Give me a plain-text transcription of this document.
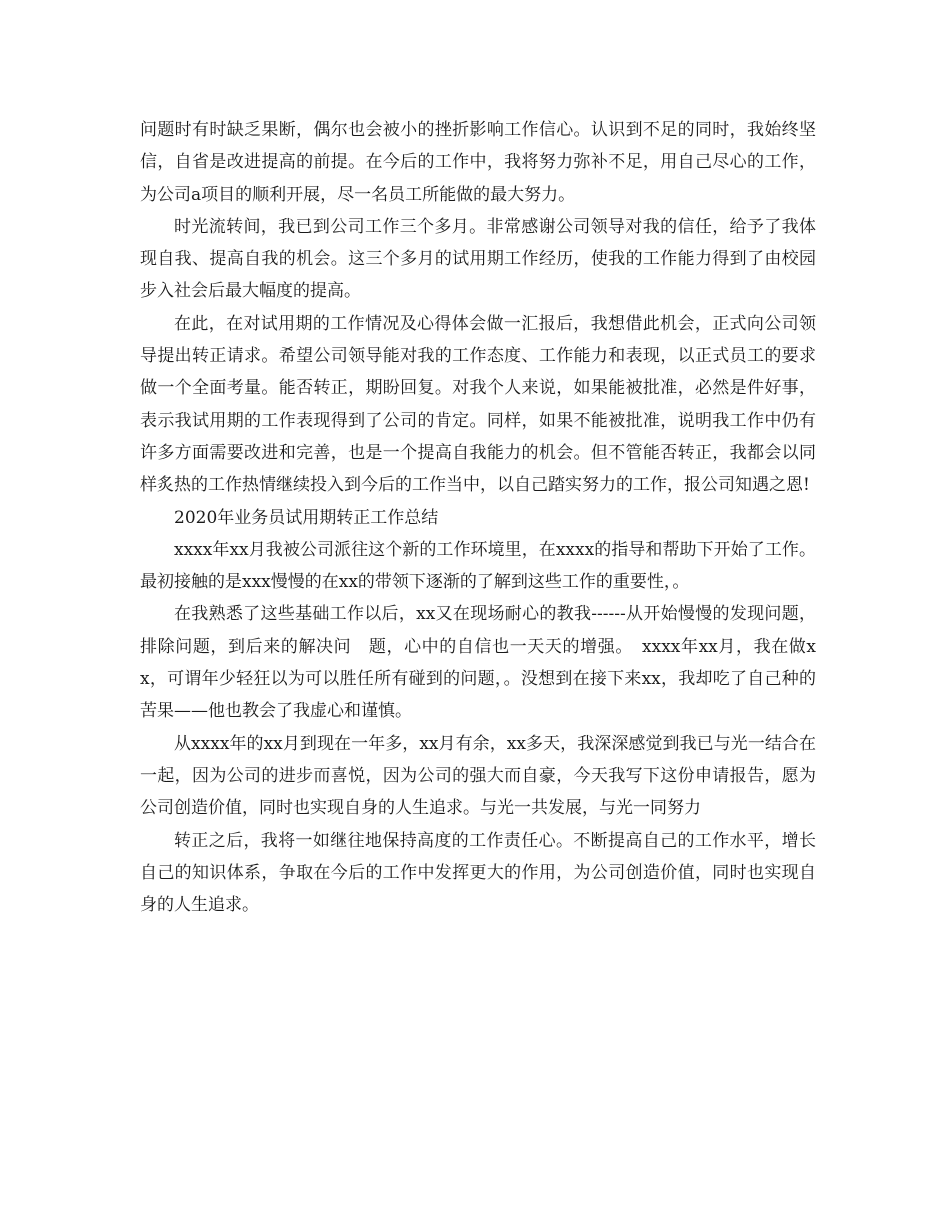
问题时有时缺乏果断，偶尔也会被小的挫折影响工作信心。认识到不足的同时，我始终坚信，自省是改进提高的前提。在今后的工作中，我将努力弥补不足，用自己尽心的工作，为公司a项目的顺利开展，尽一名员工所能做的最大努力。

时光流转间，我已到公司工作三个多月。非常感谢公司领导对我的信任，给予了我体现自我、提高自我的机会。这三个多月的试用期工作经历，使我的工作能力得到了由校园步入社会后最大幅度的提高。

在此，在对试用期的工作情况及心得体会做一汇报后，我想借此机会，正式向公司领导提出转正请求。希望公司领导能对我的工作态度、工作能力和表现，以正式员工的要求做一个全面考量。能否转正，期盼回复。对我个人来说，如果能被批准，必然是件好事，表示我试用期的工作表现得到了公司的肯定。同样，如果不能被批准，说明我工作中仍有许多方面需要改进和完善，也是一个提高自我能力的机会。但不管能否转正，我都会以同样炙热的工作热情继续投入到今后的工作当中，以自己踏实努力的工作，报公司知遇之恩!

2020年业务员试用期转正工作总结

xxxx年xx月我被公司派往这个新的工作环境里，在xxxx的指导和帮助下开始了工作。最初接触的是xxx慢慢的在xx的带领下逐渐的了解到这些工作的重要性，。

在我熟悉了这些基础工作以后，xx又在现场耐心的教我------从开始慢慢的发现问题，排除问题，到后来的解决问　题，心中的自信也一天天的增强。　xxxx年xx月，我在做xx，可谓年少轻狂以为可以胜任所有碰到的问题，。没想到在接下来xx，我却吃了自己种的苦果——他也教会了我虚心和谨慎。

从xxxx年的xx月到现在一年多，xx月有余，xx多天，我深深感觉到我已与光一结合在一起，因为公司的进步而喜悦，因为公司的强大而自豪，今天我写下这份申请报告，愿为公司创造价值，同时也实现自身的人生追求。与光一共发展，与光一同努力

转正之后，我将一如继往地保持高度的工作责任心。不断提高自己的工作水平，增长自己的知识体系，争取在今后的工作中发挥更大的作用，为公司创造价值，同时也实现自身的人生追求。
